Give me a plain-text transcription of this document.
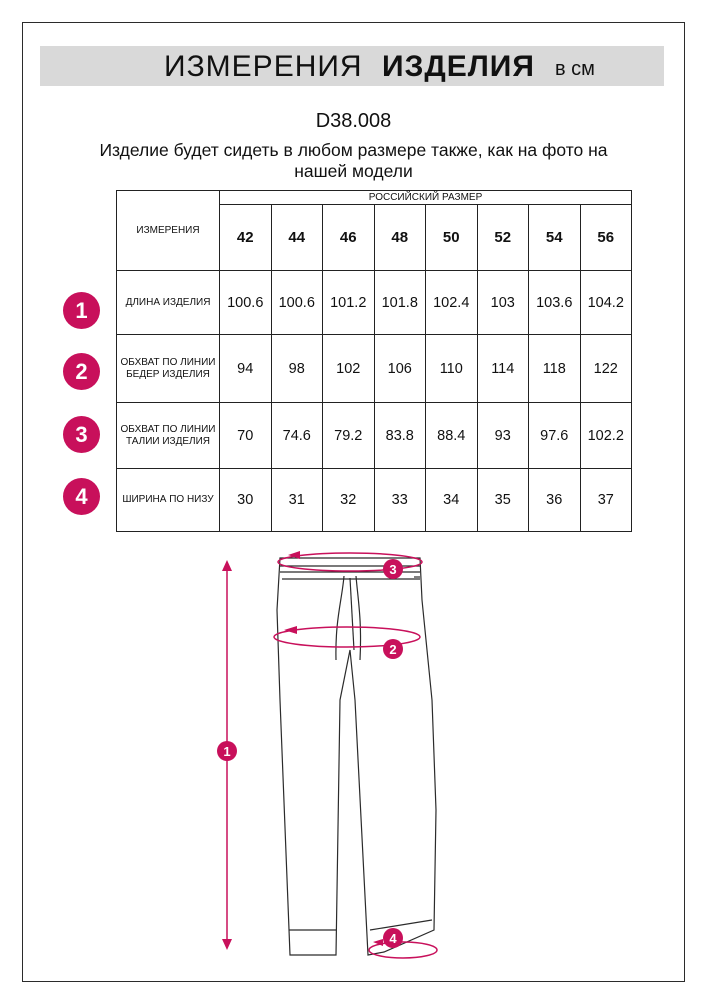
ИЗМЕРЕНИЯ ИЗДЕЛИЯ в см
D38.008
Изделие будет сидеть в любом размере также, как на фото на нашей модели
ИЗМЕРЕНИЯ	РОССИЙСКИЙ РАЗМЕР							
	42	44	46	48	50	52	54	56
ДЛИНА ИЗДЕЛИЯ	100.6	100.6	101.2	101.8	102.4	103	103.6	104.2
ОБХВАТ ПО ЛИНИИ БЕДЕР ИЗДЕЛИЯ	94	98	102	106	110	114	118	122
ОБХВАТ ПО ЛИНИИ ТАЛИИ ИЗДЕЛИЯ	70	74.6	79.2	83.8	88.4	93	97.6	102.2
ШИРИНА ПО НИЗУ	30	31	32	33	34	35	36	37
1
2
3
4
1
2
3
4
